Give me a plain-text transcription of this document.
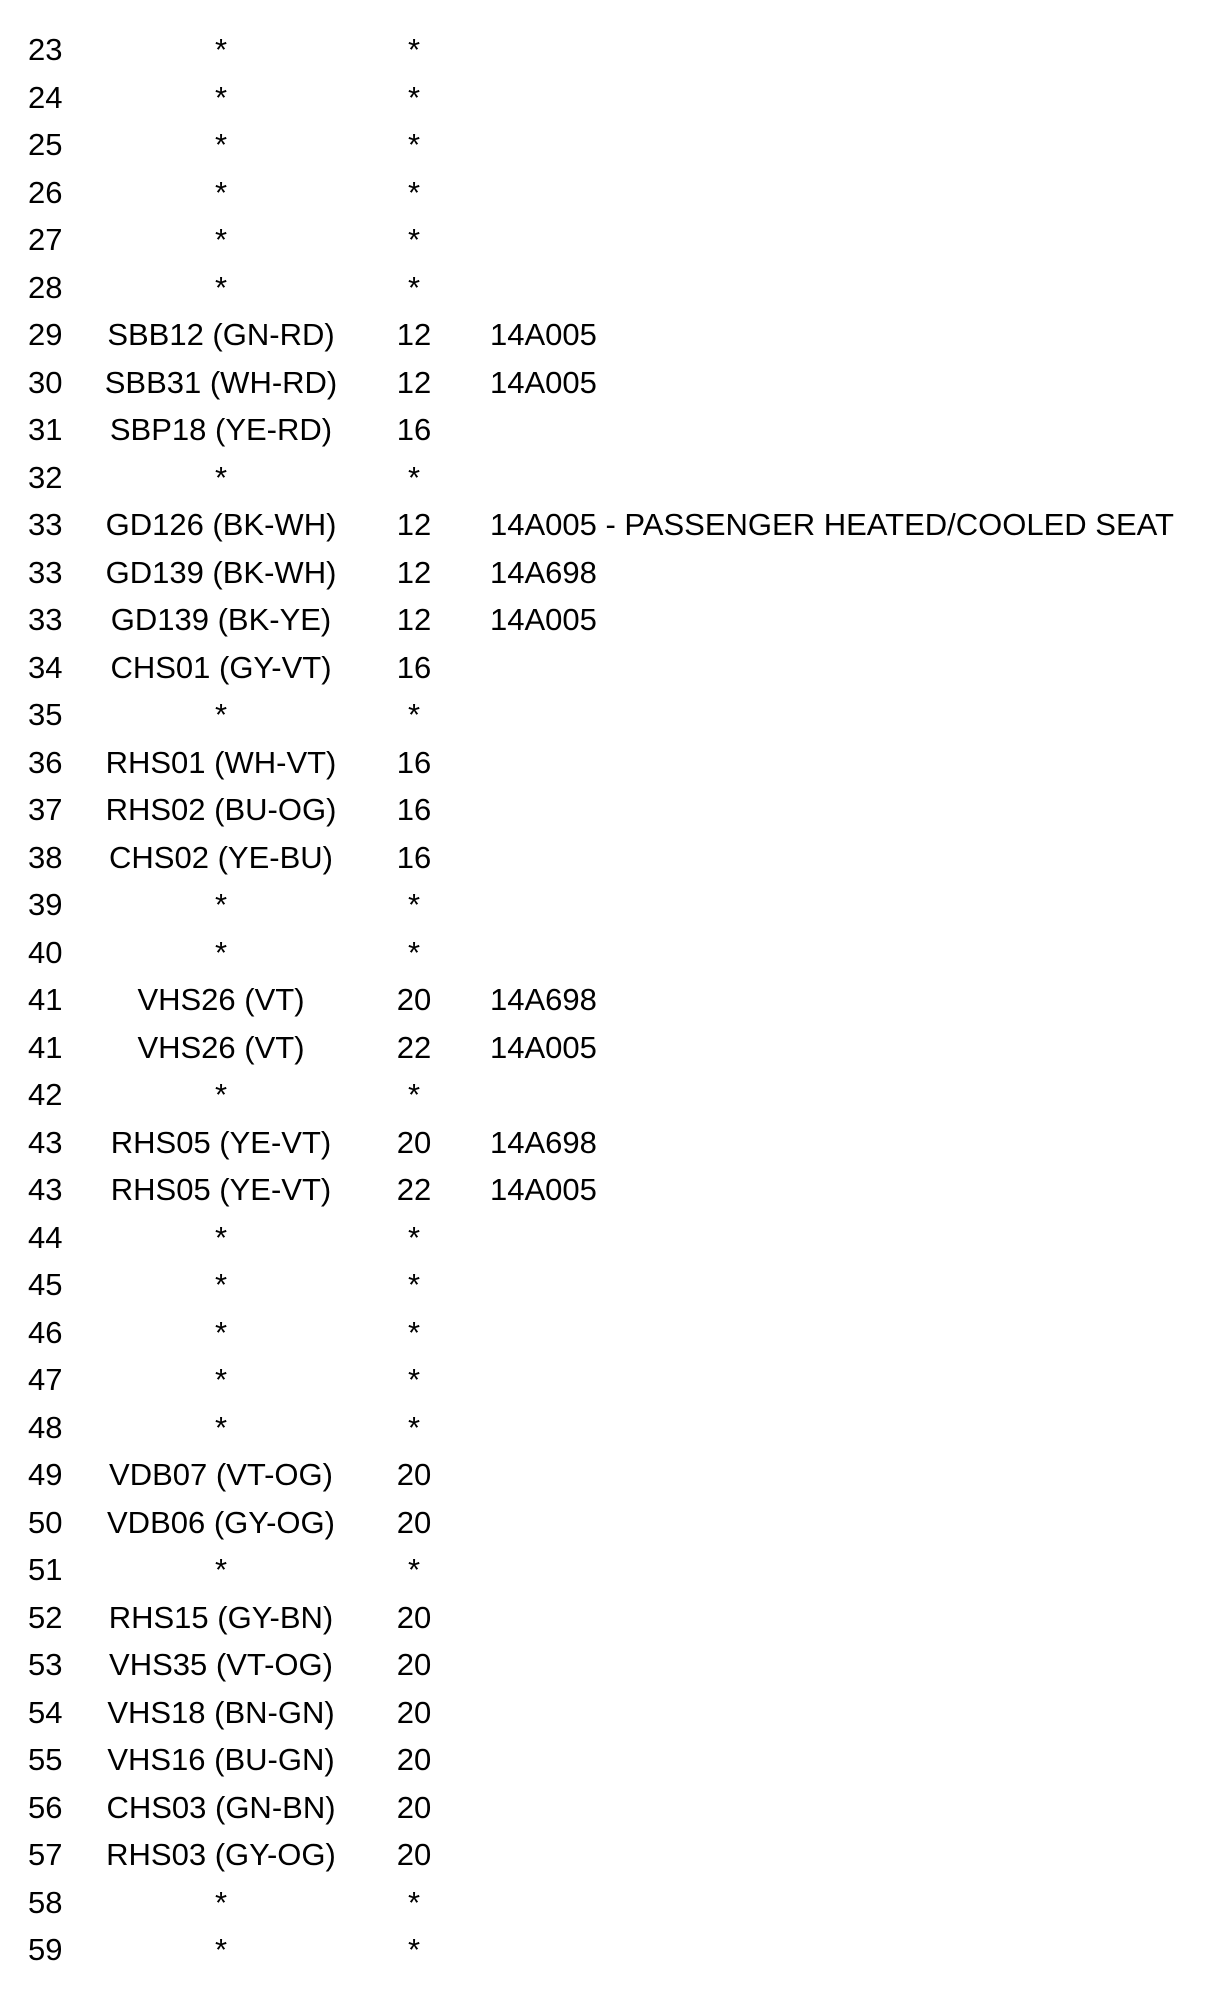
23	*	*
24	*	*
25	*	*
26	*	*
27	*	*
28	*	*
29	SBB12 (GN-RD)	12	14A005
30	SBB31 (WH-RD)	12	14A005
31	SBP18 (YE-RD)	16
32	*	*
33	GD126 (BK-WH)	12	14A005 - PASSENGER HEATED/COOLED SEAT
33	GD139 (BK-WH)	12	14A698
33	GD139 (BK-YE)	12	14A005
34	CHS01 (GY-VT)	16
35	*	*
36	RHS01 (WH-VT)	16
37	RHS02 (BU-OG)	16
38	CHS02 (YE-BU)	16
39	*	*
40	*	*
41	VHS26 (VT)	20	14A698
41	VHS26 (VT)	22	14A005
42	*	*
43	RHS05 (YE-VT)	20	14A698
43	RHS05 (YE-VT)	22	14A005
44	*	*
45	*	*
46	*	*
47	*	*
48	*	*
49	VDB07 (VT-OG)	20
50	VDB06 (GY-OG)	20
51	*	*
52	RHS15 (GY-BN)	20
53	VHS35 (VT-OG)	20
54	VHS18 (BN-GN)	20
55	VHS16 (BU-GN)	20
56	CHS03 (GN-BN)	20
57	RHS03 (GY-OG)	20
58	*	*
59	*	*
